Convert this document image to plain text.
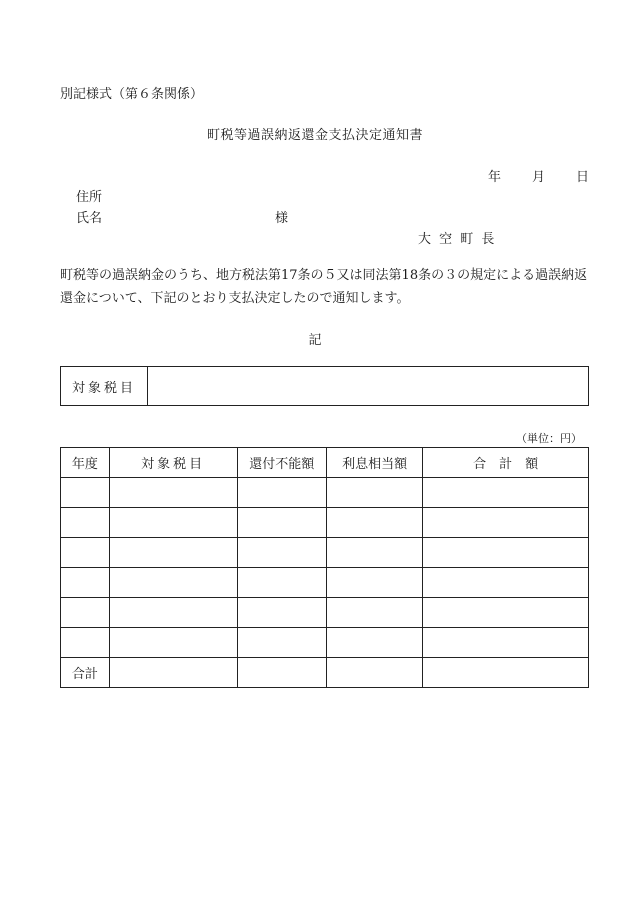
別記様式（第６条関係）
町税等過誤納返還金支払決定通知書
年 月 日
住所
氏名	様
大 空 町 長
町税等の過誤納金のうち、地方税法第17条の５又は同法第18条の３の規定による過誤納返還金について、下記のとおり支払決定したので通知します。
記
対象税目	
（単位：円）
年度	対象税目	還付不能額	利息相当額	合　計　額

合計				
